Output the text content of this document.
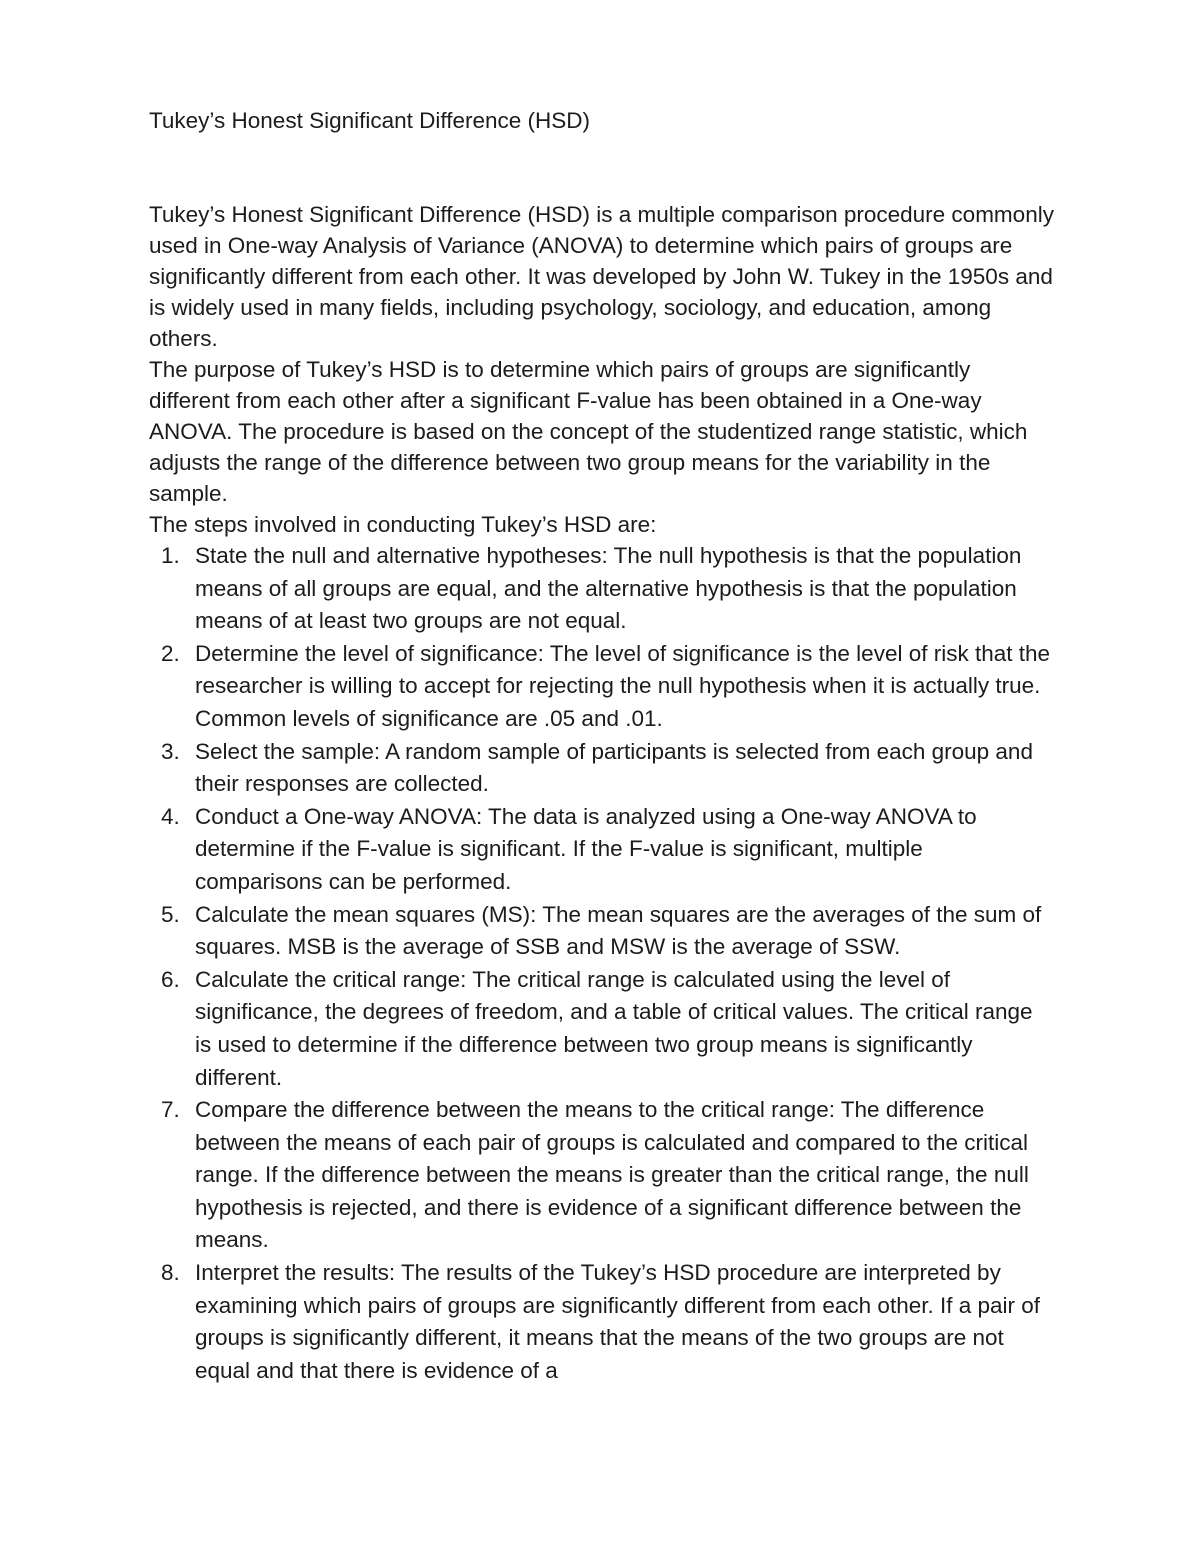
Tukey’s Honest Significant Difference (HSD)

Tukey’s Honest Significant Difference (HSD) is a multiple comparison procedure commonly used in One-way Analysis of Variance (ANOVA) to determine which pairs of groups are significantly different from each other. It was developed by John W. Tukey in the 1950s and is widely used in many fields, including psychology, sociology, and education, among others.

The purpose of Tukey’s HSD is to determine which pairs of groups are significantly different from each other after a significant F-value has been obtained in a One-way ANOVA. The procedure is based on the concept of the studentized range statistic, which adjusts the range of the difference between two group means for the variability in the sample.

The steps involved in conducting Tukey’s HSD are:

1. State the null and alternative hypotheses: The null hypothesis is that the population means of all groups are equal, and the alternative hypothesis is that the population means of at least two groups are not equal.
2. Determine the level of significance: The level of significance is the level of risk that the researcher is willing to accept for rejecting the null hypothesis when it is actually true. Common levels of significance are .05 and .01.
3. Select the sample: A random sample of participants is selected from each group and their responses are collected.
4. Conduct a One-way ANOVA: The data is analyzed using a One-way ANOVA to determine if the F-value is significant. If the F-value is significant, multiple comparisons can be performed.
5. Calculate the mean squares (MS): The mean squares are the averages of the sum of squares. MSB is the average of SSB and MSW is the average of SSW.
6. Calculate the critical range: The critical range is calculated using the level of significance, the degrees of freedom, and a table of critical values. The critical range is used to determine if the difference between two group means is significantly different.
7. Compare the difference between the means to the critical range: The difference between the means of each pair of groups is calculated and compared to the critical range. If the difference between the means is greater than the critical range, the null hypothesis is rejected, and there is evidence of a significant difference between the means.
8. Interpret the results: The results of the Tukey’s HSD procedure are interpreted by examining which pairs of groups are significantly different from each other. If a pair of groups is significantly different, it means that the means of the two groups are not equal and that there is evidence of a
